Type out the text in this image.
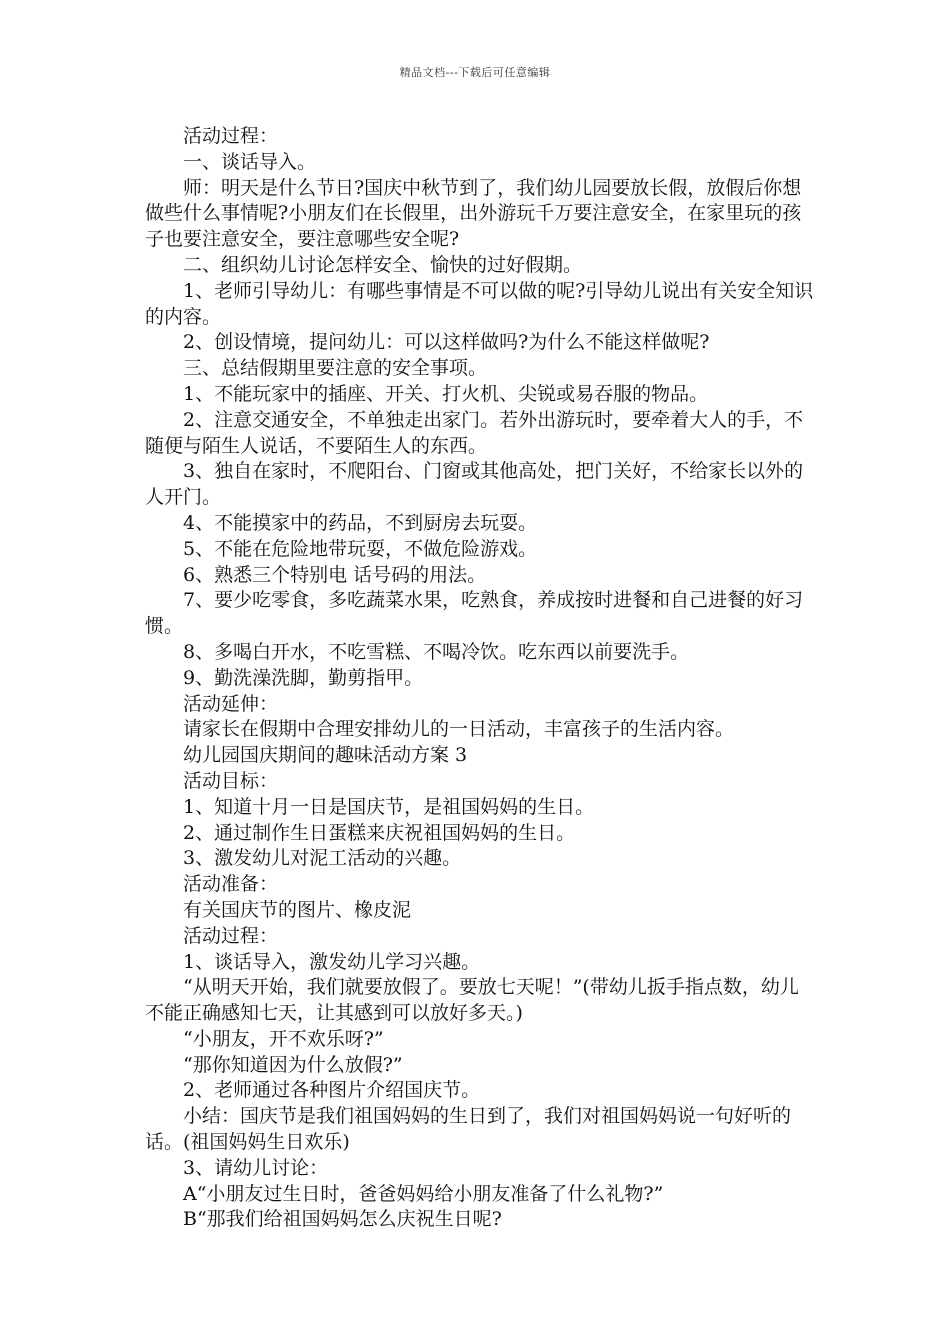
精品文档---下载后可任意编辑

活动过程：

一、谈话导入。

师：明天是什么节日?国庆中秋节到了，我们幼儿园要放长假，放假后你想做些什么事情呢?小朋友们在长假里，出外游玩千万要注意安全，在家里玩的孩子也要注意安全，要注意哪些安全呢?

二、组织幼儿讨论怎样安全、愉快的过好假期。

1、老师引导幼儿：有哪些事情是不可以做的呢?引导幼儿说出有关安全知识的内容。

2、创设情境，提问幼儿：可以这样做吗?为什么不能这样做呢?

三、总结假期里要注意的安全事项。

1、不能玩家中的插座、开关、打火机、尖锐或易吞服的物品。

2、注意交通安全，不单独走出家门。若外出游玩时，要牵着大人的手，不随便与陌生人说话，不要陌生人的东西。

3、独自在家时，不爬阳台、门窗或其他高处，把门关好，不给家长以外的人开门。

4、不能摸家中的药品，不到厨房去玩耍。

5、不能在危险地带玩耍，不做危险游戏。

6、熟悉三个特别电 话号码的用法。

7、要少吃零食，多吃蔬菜水果，吃熟食，养成按时进餐和自己进餐的好习惯。

8、多喝白开水，不吃雪糕、不喝冷饮。吃东西以前要洗手。

9、勤洗澡洗脚，勤剪指甲。

活动延伸：

请家长在假期中合理安排幼儿的一日活动，丰富孩子的生活内容。

幼儿园国庆期间的趣味活动方案 3

活动目标：

1、知道十月一日是国庆节，是祖国妈妈的生日。

2、通过制作生日蛋糕来庆祝祖国妈妈的生日。

3、激发幼儿对泥工活动的兴趣。

活动准备：

有关国庆节的图片、橡皮泥

活动过程：

1、谈话导入，激发幼儿学习兴趣。

“从明天开始，我们就要放假了。要放七天呢！”(带幼儿扳手指点数，幼儿不能正确感知七天，让其感到可以放好多天。)

“小朋友，开不欢乐呀?”

“那你知道因为什么放假?”

2、老师通过各种图片介绍国庆节。

小结：国庆节是我们祖国妈妈的生日到了，我们对祖国妈妈说一句好听的话。(祖国妈妈生日欢乐)

3、请幼儿讨论：

A“小朋友过生日时，爸爸妈妈给小朋友准备了什么礼物?”

B“那我们给祖国妈妈怎么庆祝生日呢?
